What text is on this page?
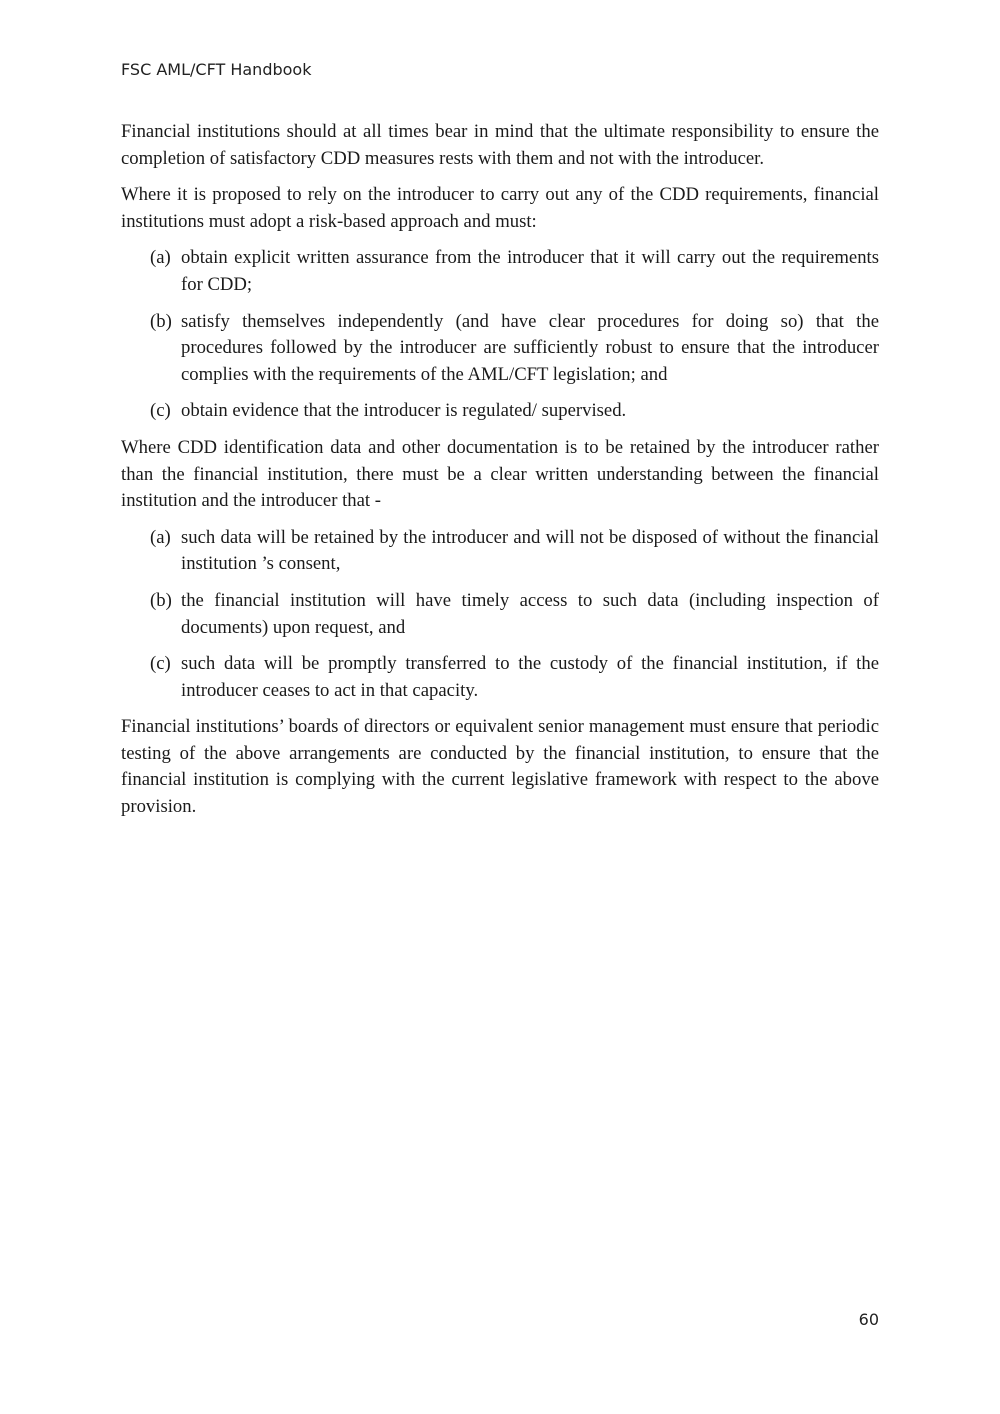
FSC AML/CFT Handbook

Financial institutions should at all times bear in mind that the ultimate responsibility to ensure the completion of satisfactory CDD measures rests with them and not with the introducer.

Where it is proposed to rely on the introducer to carry out any of the CDD requirements, financial institutions must adopt a risk-based approach and must:

(a) obtain explicit written assurance from the introducer that it will carry out the requirements for CDD;
(b) satisfy themselves independently (and have clear procedures for doing so) that the procedures followed by the introducer are sufficiently robust to ensure that the introducer complies with the requirements of the AML/CFT legislation; and
(c) obtain evidence that the introducer is regulated/ supervised.

Where CDD identification data and other documentation is to be retained by the introducer rather than the financial institution, there must be a clear written understanding between the financial institution and the introducer that -

(a) such data will be retained by the introducer and will not be disposed of without the financial institution ’s consent,
(b) the financial institution will have timely access to such data (including inspection of documents) upon request, and
(c) such data will be promptly transferred to the custody of the financial institution, if the introducer ceases to act in that capacity.

Financial institutions’ boards of directors or equivalent senior management must ensure that periodic testing of the above arrangements are conducted by the financial institution, to ensure that the financial institution is complying with the current legislative framework with respect to the above provision.

60
